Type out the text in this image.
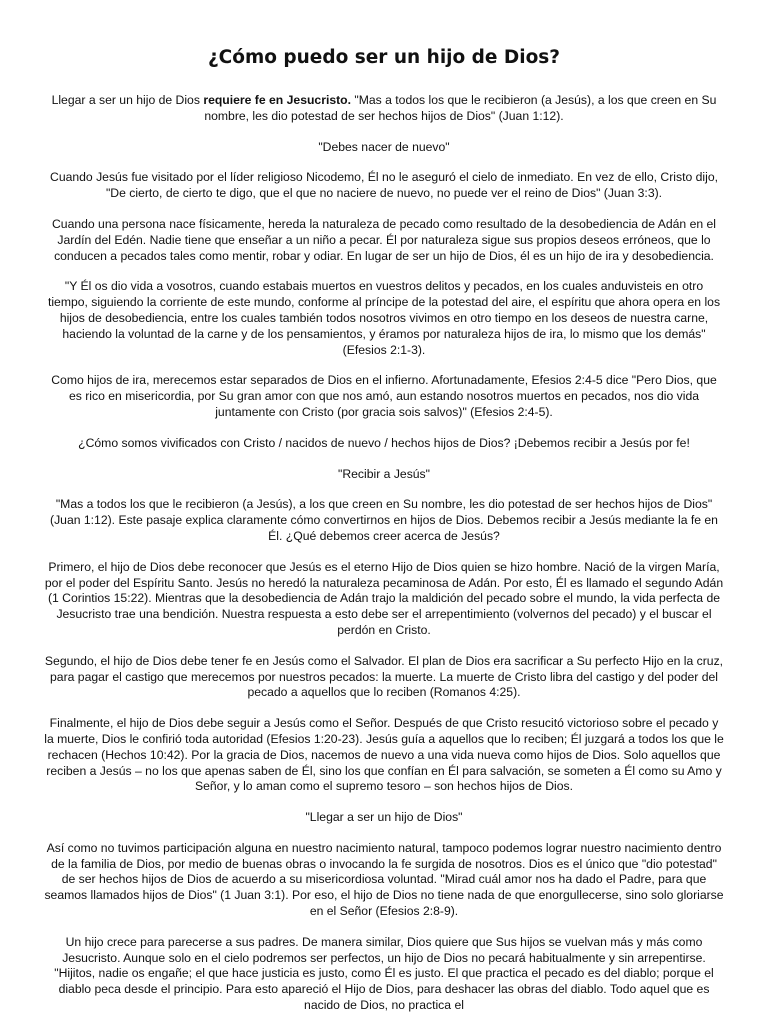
¿Cómo puedo ser un hijo de Dios?

Llegar a ser un hijo de Dios requiere fe en Jesucristo. "Mas a todos los que le recibieron (a Jesús), a los que creen en Su nombre, les dio potestad de ser hechos hijos de Dios" (Juan 1:12).

"Debes nacer de nuevo"

Cuando Jesús fue visitado por el líder religioso Nicodemo, Él no le aseguró el cielo de inmediato. En vez de ello, Cristo dijo, "De cierto, de cierto te digo, que el que no naciere de nuevo, no puede ver el reino de Dios" (Juan 3:3).

Cuando una persona nace físicamente, hereda la naturaleza de pecado como resultado de la desobediencia de Adán en el Jardín del Edén. Nadie tiene que enseñar a un niño a pecar. Él por naturaleza sigue sus propios deseos erróneos, que lo conducen a pecados tales como mentir, robar y odiar. En lugar de ser un hijo de Dios, él es un hijo de ira y desobediencia.

"Y Él os dio vida a vosotros, cuando estabais muertos en vuestros delitos y pecados, en los cuales anduvisteis en otro tiempo, siguiendo la corriente de este mundo, conforme al príncipe de la potestad del aire, el espíritu que ahora opera en los hijos de desobediencia, entre los cuales también todos nosotros vivimos en otro tiempo en los deseos de nuestra carne, haciendo la voluntad de la carne y de los pensamientos, y éramos por naturaleza hijos de ira, lo mismo que los demás" (Efesios 2:1-3).

Como hijos de ira, merecemos estar separados de Dios en el infierno. Afortunadamente, Efesios 2:4-5 dice "Pero Dios, que es rico en misericordia, por Su gran amor con que nos amó, aun estando nosotros muertos en pecados, nos dio vida juntamente con Cristo (por gracia sois salvos)" (Efesios 2:4-5).

¿Cómo somos vivificados con Cristo / nacidos de nuevo / hechos hijos de Dios? ¡Debemos recibir a Jesús por fe!

"Recibir a Jesús"

"Mas a todos los que le recibieron (a Jesús), a los que creen en Su nombre, les dio potestad de ser hechos hijos de Dios" (Juan 1:12). Este pasaje explica claramente cómo convertirnos en hijos de Dios. Debemos recibir a Jesús mediante la fe en Él. ¿Qué debemos creer acerca de Jesús?

Primero, el hijo de Dios debe reconocer que Jesús es el eterno Hijo de Dios quien se hizo hombre. Nació de la virgen María, por el poder del Espíritu Santo. Jesús no heredó la naturaleza pecaminosa de Adán. Por esto, Él es llamado el segundo Adán (1 Corintios 15:22). Mientras que la desobediencia de Adán trajo la maldición del pecado sobre el mundo, la vida perfecta de Jesucristo trae una bendición. Nuestra respuesta a esto debe ser el arrepentimiento (volvernos del pecado) y el buscar el perdón en Cristo.

Segundo, el hijo de Dios debe tener fe en Jesús como el Salvador. El plan de Dios era sacrificar a Su perfecto Hijo en la cruz, para pagar el castigo que merecemos por nuestros pecados: la muerte. La muerte de Cristo libra del castigo y del poder del pecado a aquellos que lo reciben (Romanos 4:25).

Finalmente, el hijo de Dios debe seguir a Jesús como el Señor. Después de que Cristo resucitó victorioso sobre el pecado y la muerte, Dios le confirió toda autoridad (Efesios 1:20-23). Jesús guía a aquellos que lo reciben; Él juzgará a todos los que le rechacen (Hechos 10:42). Por la gracia de Dios, nacemos de nuevo a una vida nueva como hijos de Dios. Solo aquellos que reciben a Jesús – no los que apenas saben de Él, sino los que confían en Él para salvación, se someten a Él como su Amo y Señor, y lo aman como el supremo tesoro – son hechos hijos de Dios.

"Llegar a ser un hijo de Dios"

Así como no tuvimos participación alguna en nuestro nacimiento natural, tampoco podemos lograr nuestro nacimiento dentro de la familia de Dios, por medio de buenas obras o invocando la fe surgida de nosotros. Dios es el único que "dio potestad" de ser hechos hijos de Dios de acuerdo a su misericordiosa voluntad. "Mirad cuál amor nos ha dado el Padre, para que seamos llamados hijos de Dios" (1 Juan 3:1). Por eso, el hijo de Dios no tiene nada de que enorgullecerse, sino solo gloriarse en el Señor (Efesios 2:8-9).

Un hijo crece para parecerse a sus padres. De manera similar, Dios quiere que Sus hijos se vuelvan más y más como Jesucristo. Aunque solo en el cielo podremos ser perfectos, un hijo de Dios no pecará habitualmente y sin arrepentirse. "Hijitos, nadie os engañe; el que hace justicia es justo, como Él es justo. El que practica el pecado es del diablo; porque el diablo peca desde el principio. Para esto apareció el Hijo de Dios, para deshacer las obras del diablo. Todo aquel que es nacido de Dios, no practica el
